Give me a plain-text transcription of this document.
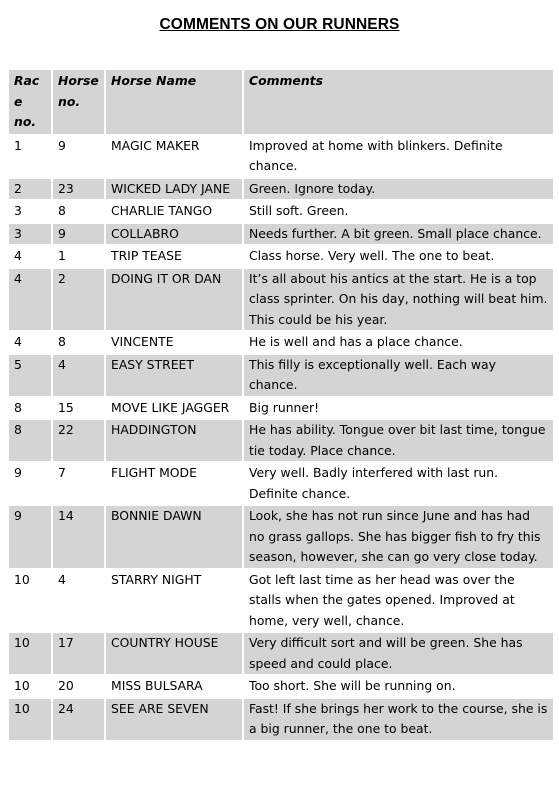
COMMENTS ON OUR RUNNERS
Race no.	Horse no.	Horse Name	Comments
1	9	MAGIC MAKER	Improved at home with blinkers. Definite chance.
2	23	WICKED LADY JANE	Green. Ignore today.
3	8	CHARLIE TANGO	Still soft. Green.
3	9	COLLABRO	Needs further. A bit green. Small place chance.
4	1	TRIP TEASE	Class horse. Very well. The one to beat.
4	2	DOING IT OR DAN	It’s all about his antics at the start. He is a top class sprinter. On his day, nothing will beat him. This could be his year.
4	8	VINCENTE	He is well and has a place chance.
5	4	EASY STREET	This filly is exceptionally well. Each way chance.
8	15	MOVE LIKE JAGGER	Big runner!
8	22	HADDINGTON	He has ability. Tongue over bit last time, tongue tie today. Place chance.
9	7	FLIGHT MODE	Very well. Badly interfered with last run. Definite chance.
9	14	BONNIE DAWN	Look, she has not run since June and has had no grass gallops. She has bigger fish to fry this season, however, she can go very close today.
10	4	STARRY NIGHT	Got left last time as her head was over the stalls when the gates opened. Improved at home, very well, chance.
10	17	COUNTRY HOUSE	Very difficult sort and will be green. She has speed and could place.
10	20	MISS BULSARA	Too short. She will be running on.
10	24	SEE ARE SEVEN	Fast! If she brings her work to the course, she is a big runner, the one to beat.
